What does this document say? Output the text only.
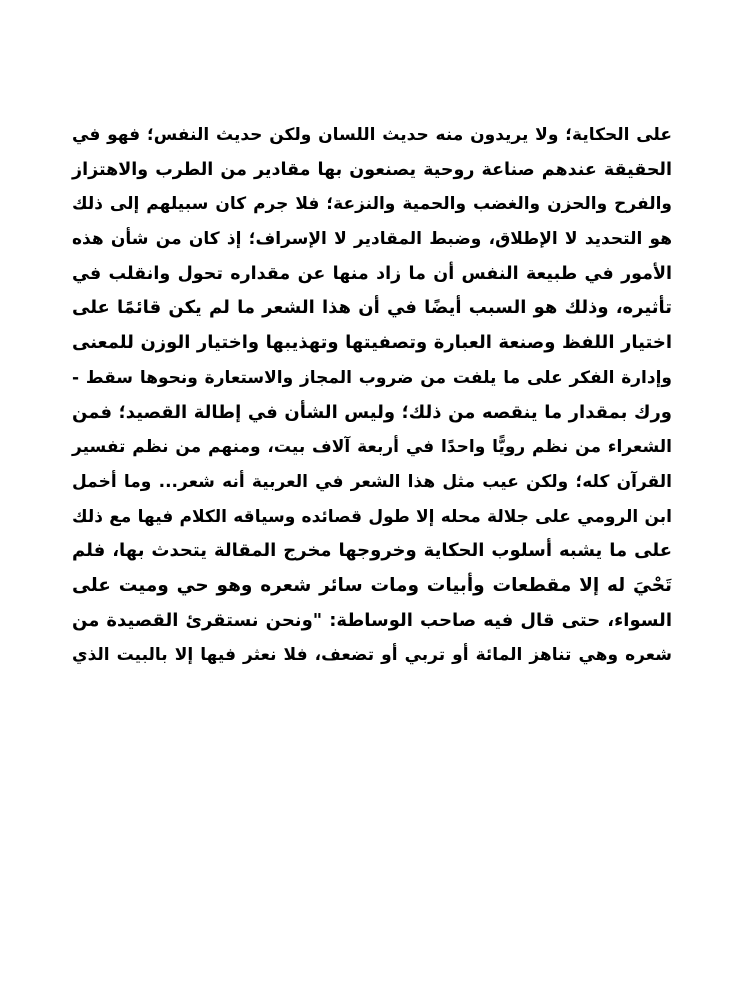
على الحكاية؛ ولا يريدون منه حديث اللسان ولكن حديث النفس؛ فهو في
الحقيقة عندهم صناعة روحية يصنعون بها مقادير من الطرب والاهتزاز
والفرح والحزن والغضب والحمية والنزعة؛ فلا جرم كان سبيلهم إلى ذلك
هو التحديد لا الإطلاق، وضبط المقادير لا الإسراف؛ إذ كان من شأن هذه
الأمور في طبيعة النفس أن ما زاد منها عن مقداره تحول وانقلب في
تأثيره، وذلك هو السبب أيضًا في أن هذا الشعر ما لم يكن قائمًا على
اختيار اللفظ وصنعة العبارة وتصفيتها وتهذيبها واختيار الوزن للمعنى
وإدارة الفكر على ما يلفت من ضروب المجاز والاستعارة ونحوها سقط -
ورك بمقدار ما ينقصه من ذلك؛ وليس الشأن في إطالة القصيد؛ فمن
الشعراء من نظم رويًّا واحدًا في أربعة آلاف بيت، ومنهم من نظم تفسير
القرآن كله؛ ولكن عيب مثل هذا الشعر في العربية أنه شعر... وما أخمل
ابن الرومي على جلالة محله إلا طول قصائده وسياقه الكلام فيها مع ذلك
على ما يشبه أسلوب الحكاية وخروجها مخرج المقالة يتحدث بها، فلم
تَحْيَ له إلا مقطعات وأبيات ومات سائر شعره وهو حي وميت على
السواء، حتى قال فيه صاحب الوساطة: "ونحن نستقرئ القصيدة من
شعره وهي تناهز المائة أو تربي أو تضعف، فلا نعثر فيها إلا بالبيت الذي
